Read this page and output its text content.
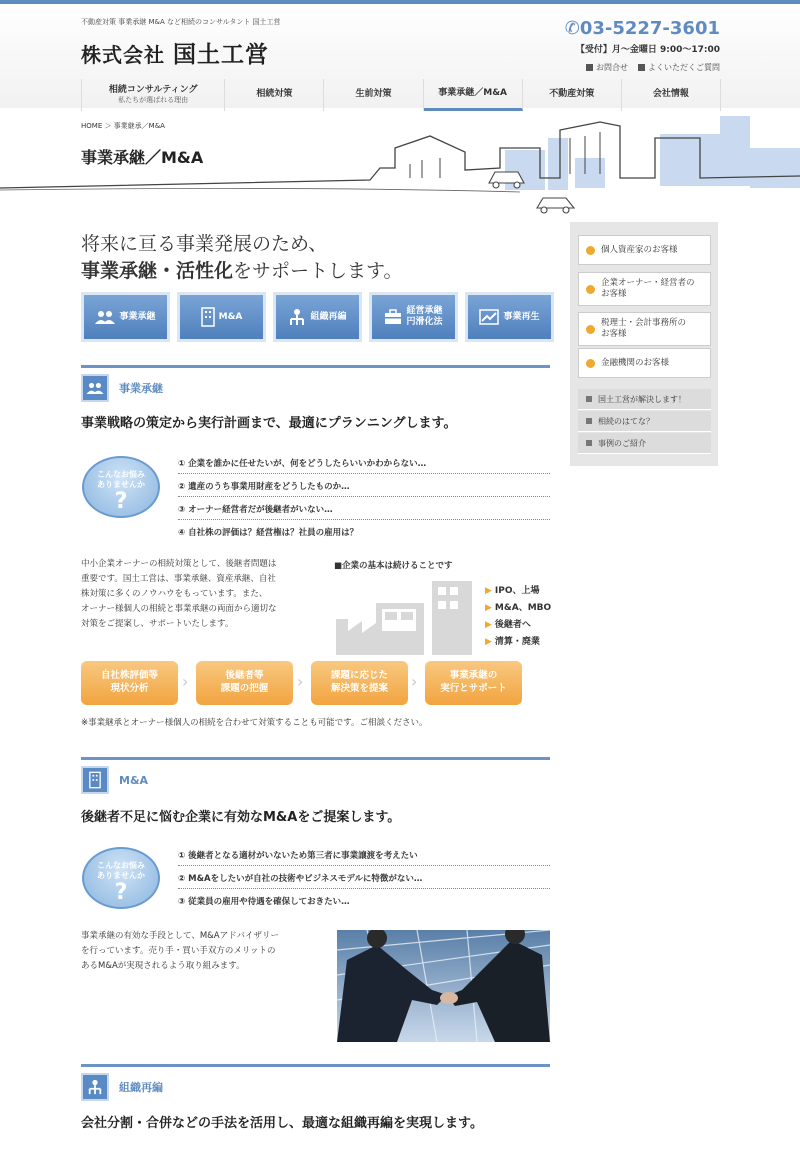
不動産対策 事業承継 M&A など相続のコンサルタント 国土工営
株式会社 国土工営
✆03-5227-3601
【受付】月～金曜日 9:00～17:00
お問合せ	よくいただくご質問
相続コンサルティング
私たちが選ばれる理由
相続対策	生前対策	事業承継／M&A	不動産対策	会社情報
HOME ＞ 事業継承／M&A
事業承継／M&A
将来に亘る事業発展のため、
事業承継・活性化をサポートします。
事業承継	M&A	組織再編
経営承継
円滑化法
事業再生
個人資産家のお客様
企業オーナー・経営者の
お客様
税理士・会計事務所の
お客様
金融機関のお客様
国土工営が解決します！
相続のはてな？
事例のご紹介
事業承継
事業戦略の策定から実行計画まで、最適にプランニングします。
こんなお悩み
ありませんか
?
① 企業を誰かに任せたいが、何をどうしたらいいかわからない…
② 遺産のうち事業用財産をどうしたものか…
③ オーナー経営者だが後継者がいない…
④ 自社株の評価は？経営権は？社員の雇用は？
中小企業オーナーの相続対策として、後継者問題は
重要です。国土工営は、事業承継、資産承継、自社
株対策に多くのノウハウをもっています。また、
オーナー様個人の相続と事業承継の両面から適切な
対策をご提案し、サポートいたします。
■企業の基本は続けることです
▶ IPO、上場
▶ M&A、MBO
▶ 後継者へ
▶ 清算・廃業
自社株評価等
現状分析	›	後継者等
課題の把握	›	課題に応じた
解決策を提案	›	事業承継の
実行とサポート
※事業継承とオーナー様個人の相続を合わせて対策することも可能です。ご相談ください。
M&A
後継者不足に悩む企業に有効なM&Aをご提案します。
こんなお悩み
ありませんか
?
① 後継者となる適材がいないため第三者に事業譲渡を考えたい
② M&Aをしたいが自社の技術やビジネスモデルに特徴がない…
③ 従業員の雇用や待遇を確保しておきたい…
事業承継の有効な手段として、M&Aアドバイザリー
を行っています。売り手・買い手双方のメリットの
あるM&Aが実現されるよう取り組みます。
組織再編
会社分割・合併などの手法を活用し、最適な組織再編を実現します。
